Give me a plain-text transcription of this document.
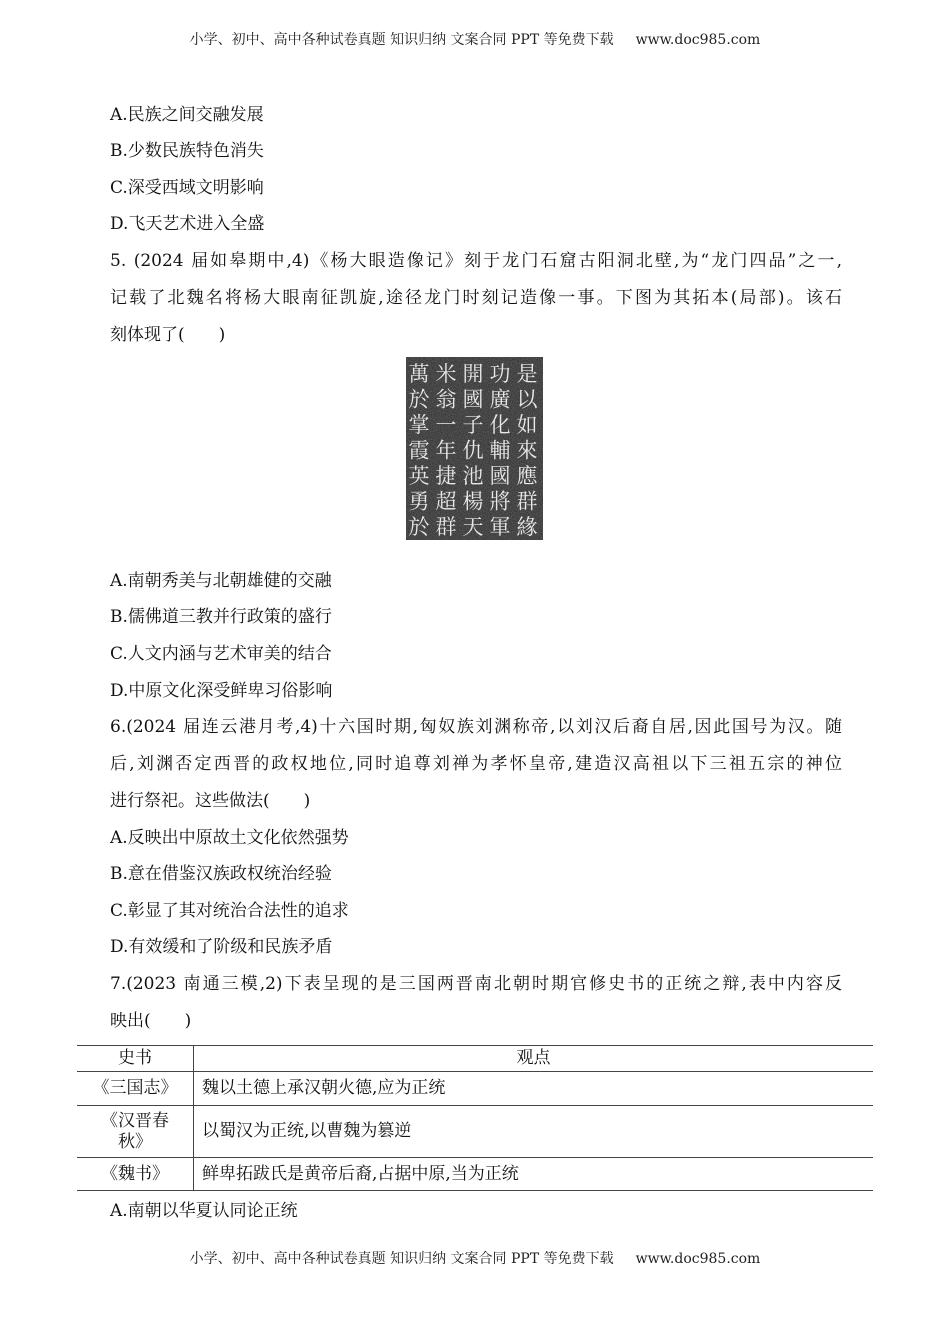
小学、初中、高中各种试卷真题 知识归纳 文案合同 PPT 等免费下载 www.doc985.com
A.民族之间交融发展
B.少数民族特色消失
C.深受西域文明影响
D.飞天艺术进入全盛
5. (2024 届如皋期中,4)《杨大眼造像记》刻于龙门石窟古阳洞北壁,为“龙门四品”之一,
记载了北魏名将杨大眼南征凯旋,途径龙门时刻记造像一事。下图为其拓本(局部)。该石
刻体现了(　　)
是以如來應群緣
功廣化輔國將軍
開國子仇池楊天
米翁一年捷超群
萬於掌霞英勇於
A.南朝秀美与北朝雄健的交融
B.儒佛道三教并行政策的盛行
C.人文内涵与艺术审美的结合
D.中原文化深受鲜卑习俗影响
6.(2024 届连云港月考,4)十六国时期,匈奴族刘渊称帝,以刘汉后裔自居,因此国号为汉。随
后,刘渊否定西晋的政权地位,同时追尊刘禅为孝怀皇帝,建造汉高祖以下三祖五宗的神位
进行祭祀。这些做法(　　)
A.反映出中原故土文化依然强势
B.意在借鉴汉族政权统治经验
C.彰显了其对统治合法性的追求
D.有效缓和了阶级和民族矛盾
7.(2023 南通三模,2)下表呈现的是三国两晋南北朝时期官修史书的正统之辩,表中内容反
映出(　　)
史书	观点
《三国志》	魏以土德上承汉朝火德,应为正统
《汉晋春秋》	以蜀汉为正统,以曹魏为篡逆
《魏书》	鲜卑拓跋氏是黄帝后裔,占据中原,当为正统
A.南朝以华夏认同论正统
小学、初中、高中各种试卷真题 知识归纳 文案合同 PPT 等免费下载 www.doc985.com
